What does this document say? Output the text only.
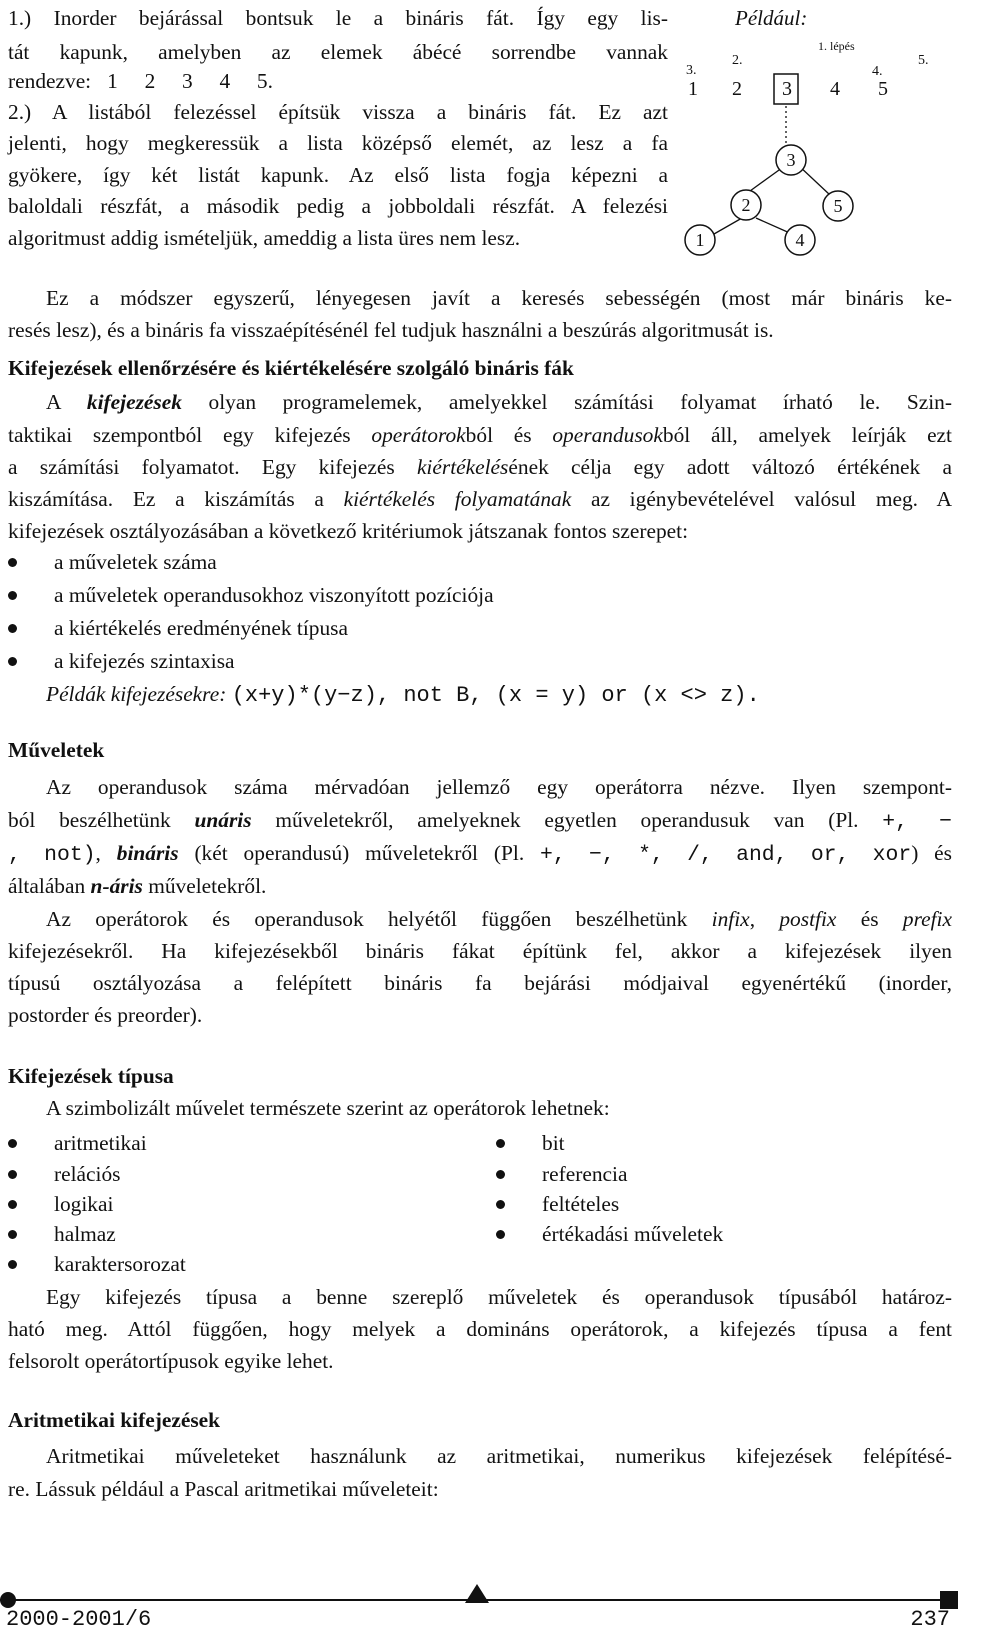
1.) Inorder bejárással bontsuk le a bináris fát. Így egy lis-
tát kapunk, amelyben az elemek ábécé sorrendbe vannak
rendezve:   1     2     3     4     5.
2.) A listából felezéssel építsük vissza a bináris fát. Ez azt
jelenti, hogy megkeressük a lista középső elemét, az lesz a fa
gyökere, így két listát kapunk. Az első lista fogja képezni a
baloldali részfát, a második pedig a jobboldali részfát. A felezési
algoritmust addig ismételjük, ameddig a lista üres nem lesz.
Például:
1. lépés
2.
3.	4.
5.
1 2 3 4 5
3
2	5
1	4
Ez a módszer egyszerű, lényegesen javít a keresés sebességén (most már bináris ke-
resés lesz), és a bináris fa visszaépítésénél fel tudjuk használni a beszúrás algoritmusát is.
Kifejezések ellenőrzésére és kiértékelésére szolgáló bináris fák
A kifejezések olyan programelemek, amelyekkel számítási folyamat írható le. Szin-
taktikai szempontból egy kifejezés operátorokból és operandusokból áll, amelyek leírják ezt
a számítási folyamatot. Egy kifejezés kiértékelésének célja egy adott változó értékének a
kiszámítása. Ez a kiszámítás a kiértékelés folyamatának az igénybevételével valósul meg. A
kifejezések osztályozásában a következő kritériumok játszanak fontos szerepet:
a műveletek száma
a műveletek operandusokhoz viszonyított pozíciója
a kiértékelés eredményének típusa
a kifejezés szintaxisa
Példák kifejezésekre: (x+y)*(y−z), not B, (x = y) or (x <> z).
Műveletek
Az operandusok száma mérvadóan jellemző egy operátorra nézve. Ilyen szempont-
ból beszélhetünk unáris műveletekről, amelyeknek egyetlen operandusuk van (Pl. +, −
, not), bináris (két operandusú) műveletekről (Pl. +, −, *, /, and, or, xor) és
általában n-áris műveletekről.
Az operátorok és operandusok helyétől függően beszélhetünk infix, postfix és prefix
kifejezésekről. Ha kifejezésekből bináris fákat építünk fel, akkor a kifejezések ilyen
típusú osztályozása a felépített bináris fa bejárási módjaival egyenértékű (inorder,
postorder és preorder).
Kifejezések típusa
A szimbolizált művelet természete szerint az operátorok lehetnek:
aritmetikai
relációs
logikai
halmaz
karaktersorozat
bit
referencia
feltételes
értékadási műveletek
Egy kifejezés típusa a benne szereplő műveletek és operandusok típusából határoz-
ható meg. Attól függően, hogy melyek a domináns operátorok, a kifejezés típusa a fent
felsorolt operátortípusok egyike lehet.
Aritmetikai kifejezések
Aritmetikai műveleteket használunk az aritmetikai, numerikus kifejezések felépítésé-
re. Lássuk például a Pascal aritmetikai műveleteit:
2000-2001/6	237
